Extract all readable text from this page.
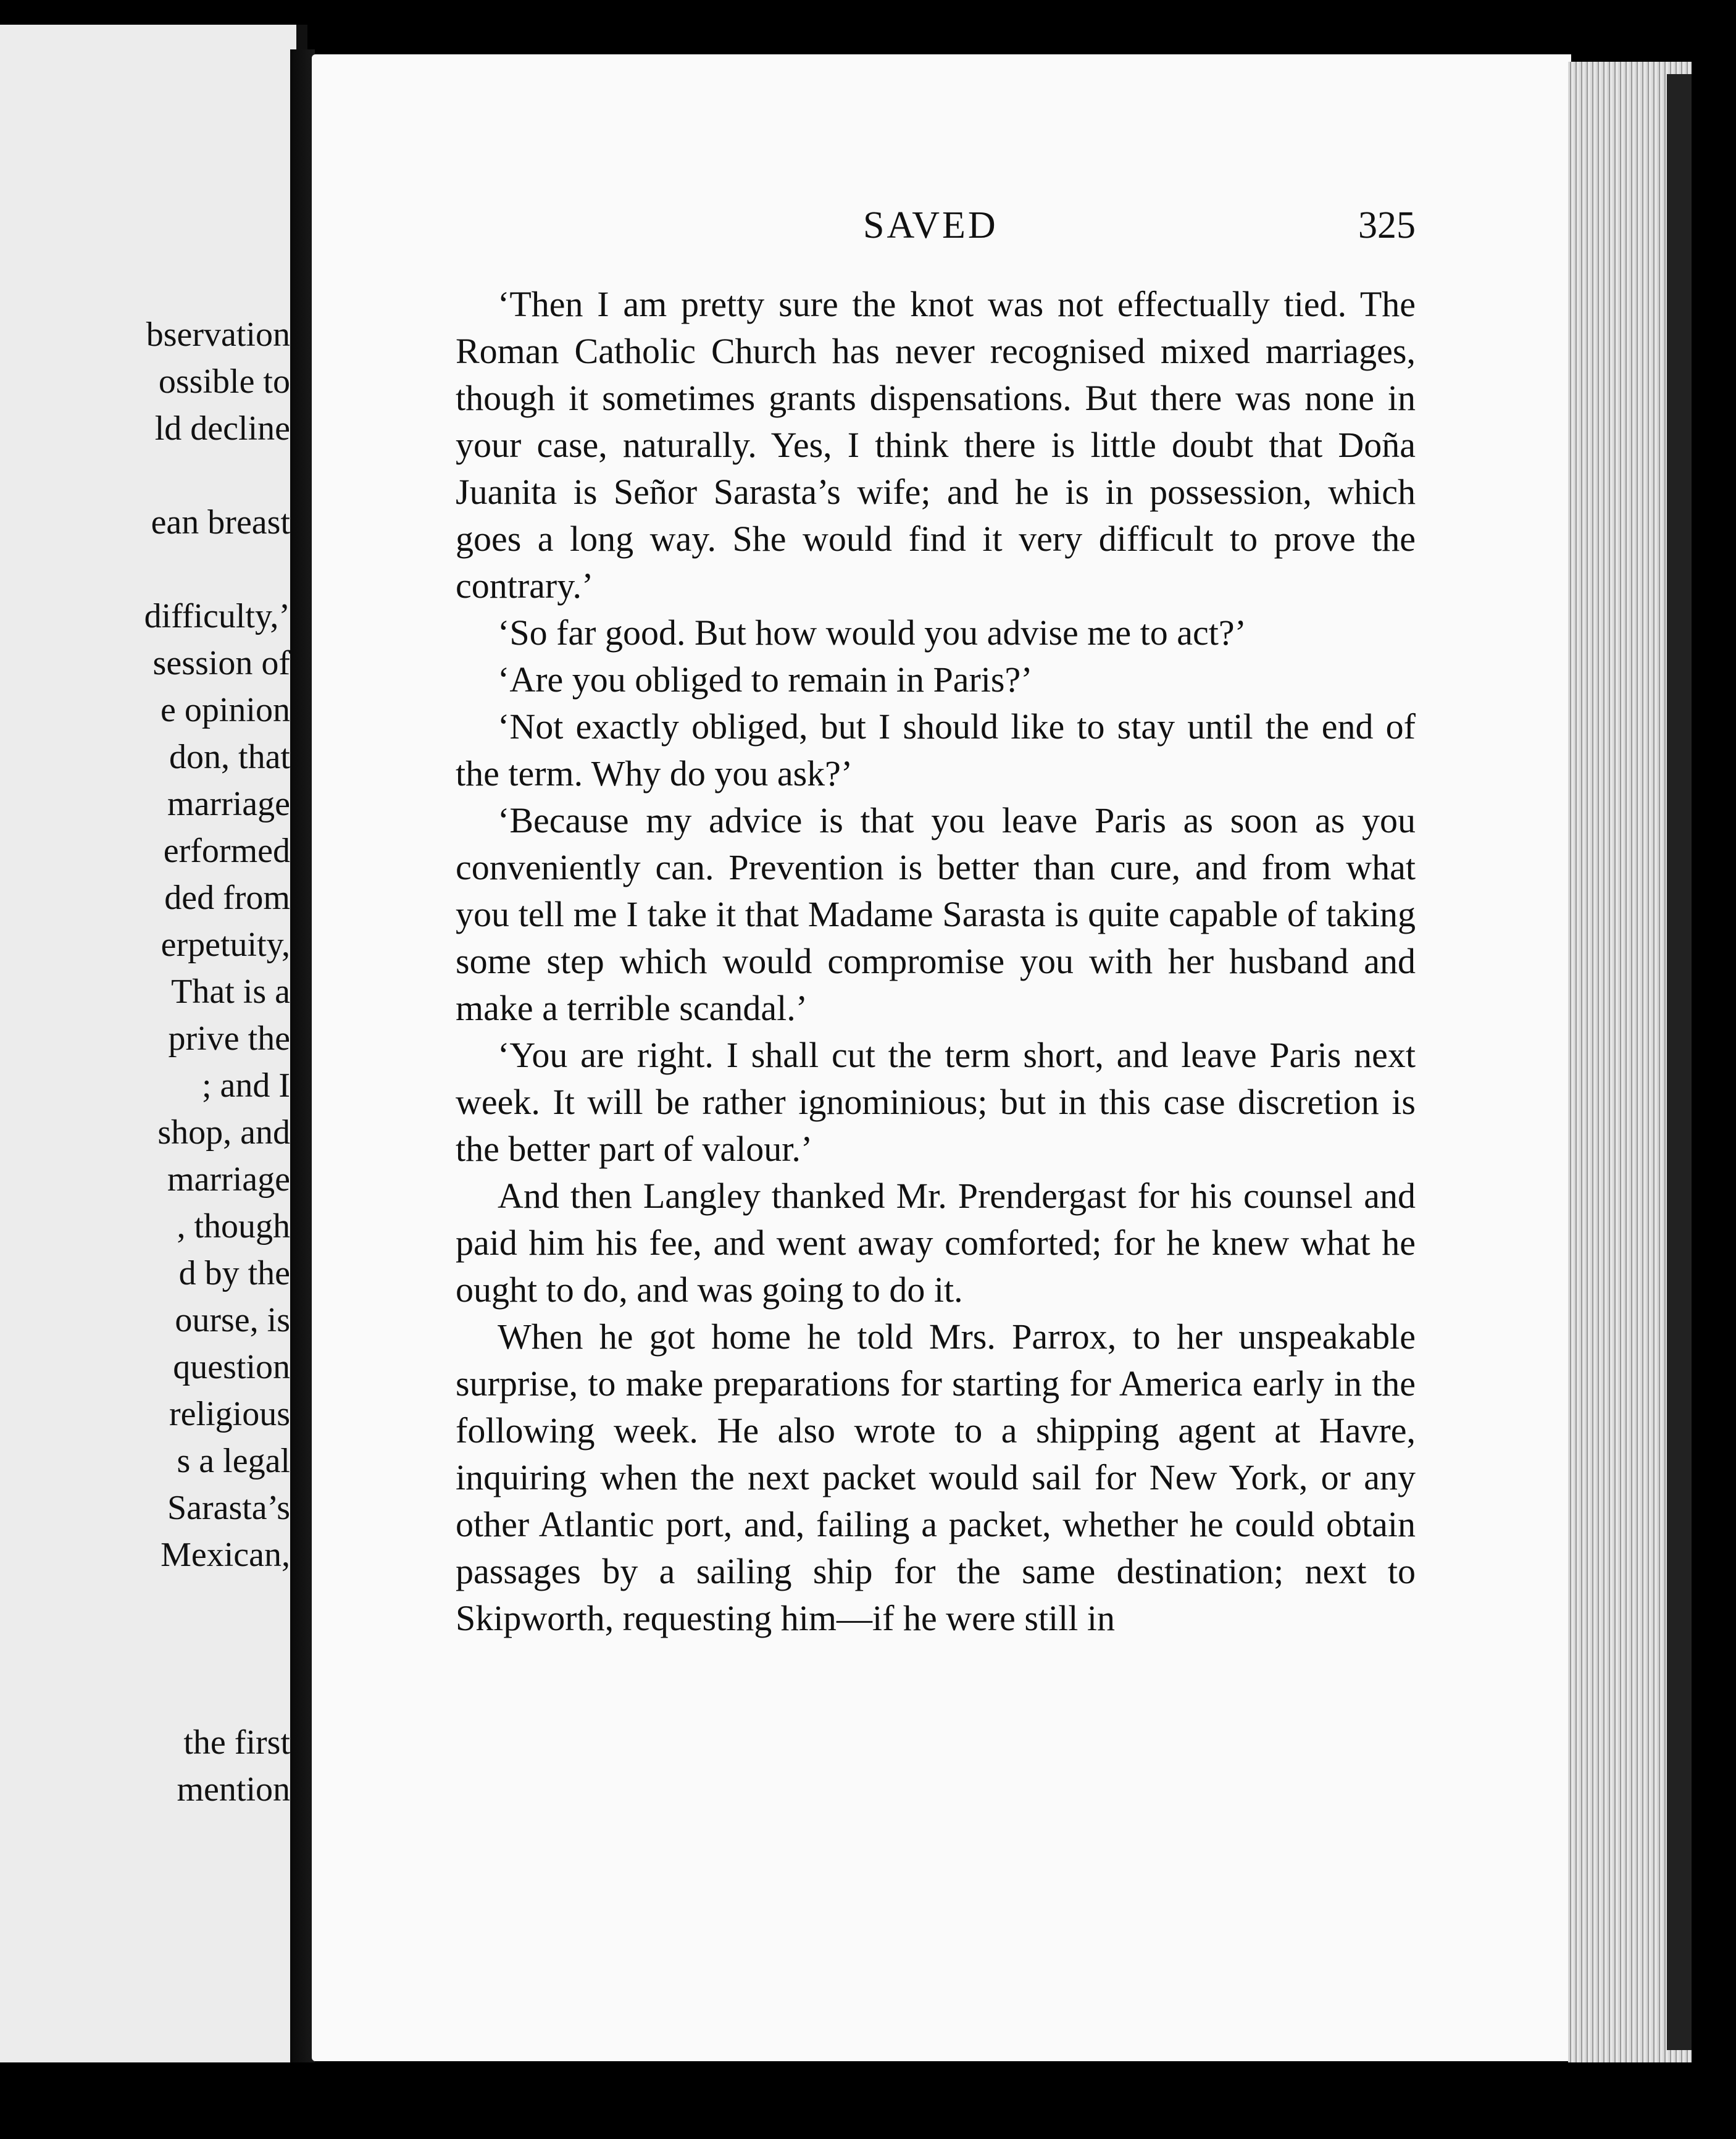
bservation
ossible to
ld decline
ean breast
difficulty,’
session of
e opinion
don, that
marriage
erformed
ded from
erpetuity,
That is a
prive the
; and I
shop, and
marriage
, though
d by the
ourse, is
question
religious
s a legal
Sarasta’s
Mexican,
the first
mention
SAVED	325

‘Then I am pretty sure the knot was not effectually tied. The Roman Catholic Church has never recognised mixed marriages, though it sometimes grants dispensations. But there was none in your case, naturally. Yes, I think there is little doubt that Doña Juanita is Señor Sarasta’s wife; and he is in possession, which goes a long way. She would find it very difficult to prove the contrary.’

‘So far good. But how would you advise me to act?’

‘Are you obliged to remain in Paris?’

‘Not exactly obliged, but I should like to stay until the end of the term. Why do you ask?’

‘Because my advice is that you leave Paris as soon as you conveniently can. Prevention is better than cure, and from what you tell me I take it that Madame Sarasta is quite capable of taking some step which would compromise you with her husband and make a terrible scandal.’

‘You are right. I shall cut the term short, and leave Paris next week. It will be rather ignominious; but in this case discretion is the better part of valour.’

And then Langley thanked Mr. Prendergast for his counsel and paid him his fee, and went away comforted; for he knew what he ought to do, and was going to do it.

When he got home he told Mrs. Parrox, to her unspeakable surprise, to make preparations for starting for America early in the following week. He also wrote to a shipping agent at Havre, inquiring when the next packet would sail for New York, or any other Atlantic port, and, failing a packet, whether he could obtain passages by a sailing ship for the same destination; next to Skipworth, requesting him—if he were still in
